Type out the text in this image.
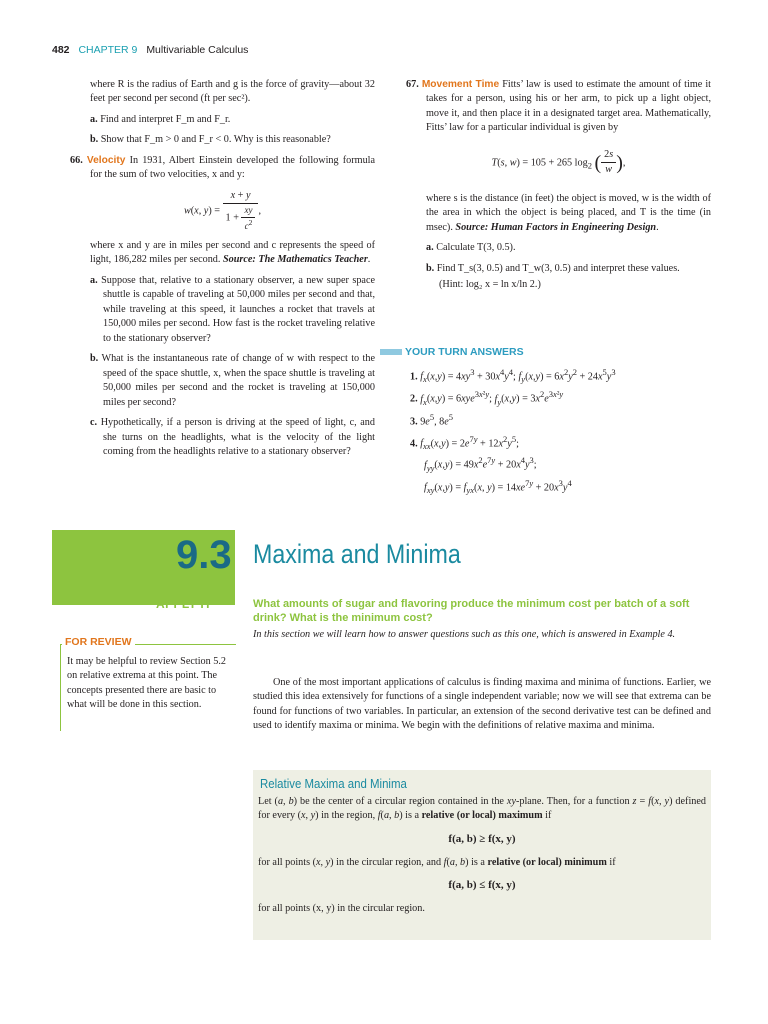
482 CHAPTER 9 Multivariable Calculus

where R is the radius of Earth and g is the force of gravity—about 32 feet per second per second (ft per sec²).

a. Find and interpret F_m and F_r.

b. Show that F_m > 0 and F_r < 0. Why is this reasonable?

66. Velocity In 1931, Albert Einstein developed the following formula for the sum of two velocities, x and y:

w(x, $y) = \frac{x + y}{1 + \frac{xy}{c^2}}$ ,

where x and y are in miles per second and c represents the speed of light, 186,282 miles per second. Source: The Mathematics Teacher.

a. Suppose that, relative to a stationary observer, a new super space shuttle is capable of traveling at 50,000 miles per second and that, while traveling at this speed, it launches a rocket that travels at 150,000 miles per second. How fast is the rocket traveling relative to the stationary observer?

b. What is the instantaneous rate of change of w with respect to the speed of the space shuttle, x, when the space shuttle is traveling at 50,000 miles per second and the rocket is traveling at 150,000 miles per second?

c. Hypothetically, if a person is driving at the speed of light, c, and she turns on the headlights, what is the velocity of the light coming from the headlights relative to a stationary observer?

67. Movement Time Fitts’ law is used to estimate the amount of time it takes for a person, using his or her arm, to pick up a light object, move it, and then place it in a designated target area. Mathematically, Fitts’ law for a particular individual is given by

T(s, w) = 105 + 265 $\log_2$ ( $\frac{2s}{w}$ ),

where s is the distance (in feet) the object is moved, w is the width of the area in which the object is being placed, and T is the time (in msec). Source: Human Factors in Engineering Design.

a. Calculate T(3, 0.5).

b. Find T_s(3, 0.5) and T_w(3, 0.5) and interpret these values.

(Hint: log₂ x = ln x/ln 2.)

YOUR TURN ANSWERS
1. $f_x(x,y) = 4xy^3 + 30x^4y^4$; $f_y(x,y) = 6x^2y^2 + 24x^5y^3$
2. $f_x(x,y) = 6xye^{3x^2y}$; $f_y(x,y) = 3x^2e^{3x^2y}$
3. $9e^5$, $8e^5$
4. $f_{xx}(x,y) = 2e^{7y} + 12x^2y^5$;
$f_{yy}(x,y) = 49x^2e^{7y} + 20x^4y^3$;
$f_{xy}(x,y) = f_{yx}(x$, $y) = 14xe^{7y} + 20x^3y^4$
9.3 Maxima and Minima
APPLY IT	What amounts of sugar and flavoring produce the minimum cost per batch of a soft drink? What is the minimum cost?
In this section we will learn how to answer questions such as this one, which is answered in Example 4.
FOR REVIEW
It may be helpful to review Section 5.2 on relative extrema at this point. The concepts presented there are basic to what will be done in this section.
One of the most important applications of calculus is finding maxima and minima of functions. Earlier, we studied this idea extensively for functions of a single independent variable; now we will see that extrema can be found for functions of two variables. In particular, an extension of the second derivative test can be defined and used to identify maxima or minima. We begin with the definitions of relative maxima and minima.
Relative Maxima and Minima
Let (a, b) be the center of a circular region contained in the xy-plane. Then, for a function z = f(x, y) defined for every (x, y) in the region, f(a, b) is a relative (or local) maximum if
f(a, b) ≥ f(x, y)
for all points (x, y) in the circular region, and f(a, b) is a relative (or local) minimum if
f(a, b) ≤ f(x, y)
for all points (x, y) in the circular region.
